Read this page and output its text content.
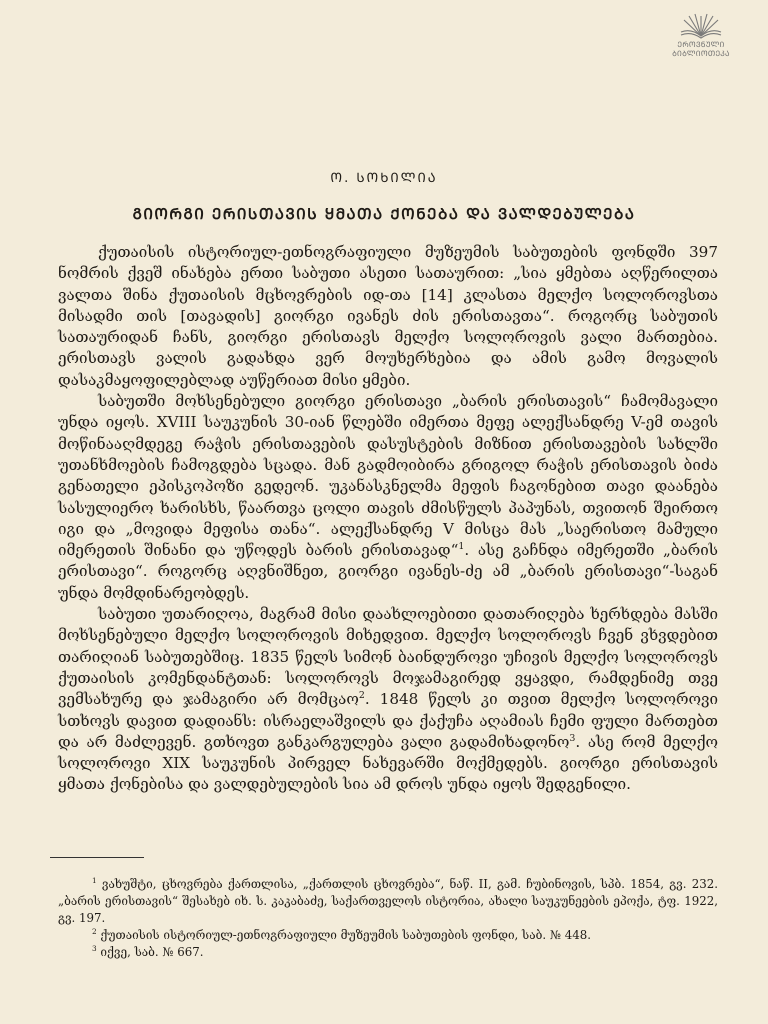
ᲔᲠᲝᲕᲜᲣᲚᲘ
ᲑᲘᲑᲚᲘᲝᲗᲔᲙᲐ
Ო. ᲡᲝᲮᲘᲚᲘᲐ
ᲒᲘᲝᲠᲒᲘ ᲔᲠᲘᲡᲗᲐᲕᲘᲡ ᲧᲛᲐᲗᲐ ᲥᲝᲜᲔᲑᲐ ᲓᲐ ᲕᲐᲚᲓᲔᲑᲣᲚᲔᲑᲐ

ქუთაისის ისტორიულ-ეთნოგრაფიული მუზეუმის საბუთების ფონდში 397 ნომრის ქვეშ ინახება ერთი საბუთი ასეთი სათაურით: „სია ყმებთა აღწერილთა ვალთა შინა ქუთაისის მცხოვრების იდ-თა [14] კლასთა მელქო სოლოროვსთა მისადმი თის [თავადის] გიორგი ივანეს ძის ერისთავთა“. როგორც საბუთის სათაურიდან ჩანს, გიორგი ერისთავს მელქო სოლოროვის ვალი მართებია. ერისთავს ვალის გადახდა ვერ მოუხერხებია და ამის გამო მოვალის დასაკმაყოფილებლად აუწერიათ მისი ყმები.

საბუთში მოხსენებული გიორგი ერისთავი „ბარის ერისთავის“ ჩამომავალი უნდა იყოს. XVIII საუკუნის 30-იან წლებში იმერთა მეფე ალექსანდრე V-ემ თავის მოწინააღმდეგე რაჭის ერისთავების დასუსტების მიზნით ერისთავების სახლში უთანხმოების ჩამოგდება სცადა. მან გადმოიბირა გრიგოლ რაჭის ერისთავის ბიძა გენათელი ეპისკოპოზი გედეონ. უკანასკნელმა მეფის ჩაგონებით თავი დაანება სასულიერო ხარისხს, წაართვა ცოლი თავის ძმისწულს პაპუნას, თვითონ შეირთო იგი და „მოვიდა მეფისა თანა“. ალექსანდრე V მისცა მას „საერისთო მამული იმერეთის შინანი და უწოდეს ბარის ერისთავად“$^1$. ასე გაჩნდა იმერეთში „ბარის ერისთავი“. როგორც აღვნიშნეთ, გიორგი ივანეს-ძე ამ „ბარის ერისთავი“-საგან უნდა მომდინარეობდეს.

საბუთი უთარიღოა, მაგრამ მისი დაახლოებითი დათარიღება ხერხდება მასში მოხსენებული მელქო სოლოროვის მიხედვით. მელქო სოლოროვს ჩვენ ვხვდებით თარიღიან საბუთებშიც. 1835 წელს სიმონ ბაინდუროვი უჩივის მელქო სოლოროვს ქუთაისის კომენდანტთან: სოლოროვს მოჯამაგირედ ვყავდი, რამდენიმე თვე ვემსახურე და ჯამაგირი არ მომცაო$^2$. 1848 წელს კი თვით მელქო სოლოროვი სთხოვს დავით დადიანს: ისრაელაშვილს და ქაქუჩა აღამიას ჩემი ფული მართებთ და არ მაძლევენ. გთხოვთ განკარგულება ვალი გადამიხადონო$^3$. ასე რომ მელქო სოლოროვი XIX საუკუნის პირველ ნახევარში მოქმედებს. გიორგი ერისთავის ყმათა ქონებისა და ვალდებულების სია ამ დროს უნდა იყოს შედგენილი.

$^1$ ვახუშტი, ცხოვრება ქართლისა, „ქართლის ცხოვრება“, ნაწ. II, გამ. ჩუბინოვის, სპბ. 1854, გვ. 232. „ბარის ერისთავის“ შესახებ იხ. ს. კაკაბაძე, საქართველოს ისტორია, ახალი საუკუნეების ეპოქა, ტფ. 1922, გვ. 197.

$^2$ ქუთაისის ისტორიულ-ეთნოგრაფიული მუზეუმის საბუთების ფონდი, საბ. № 448.

$^3$ იქვე, საბ. № 667.
